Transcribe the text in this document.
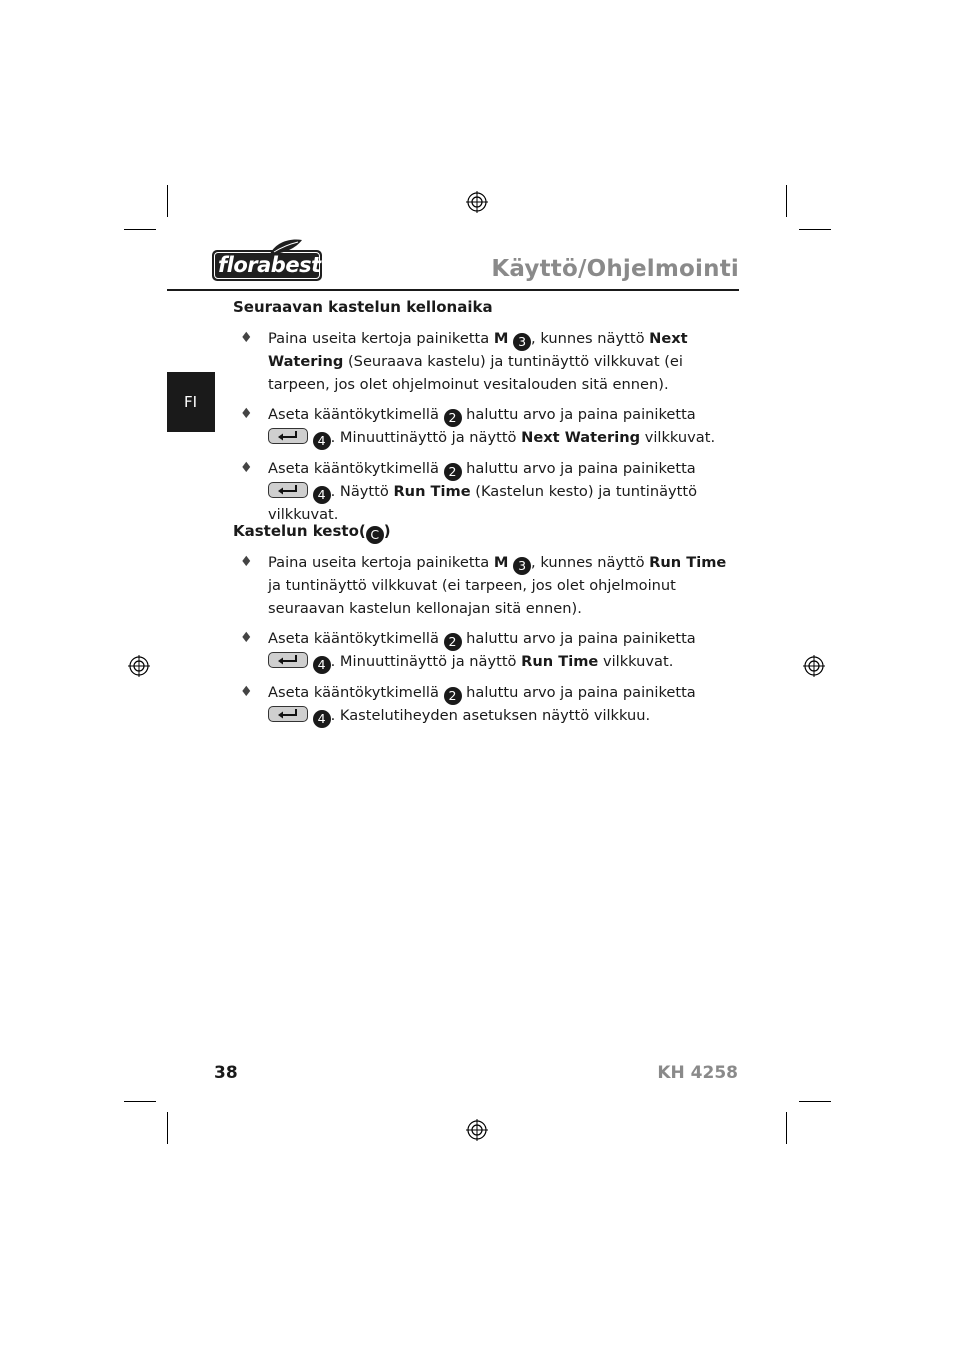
florabest	Käyttö/Ohjelmointi
FI
Seuraavan kastelun kellonaika
♦ Paina useita kertoja painiketta M 3 , kunnes näyttö Next Watering (Seuraava kastelu) ja tuntinäyttö vilkkuvat (ei tarpeen, jos olet ohjelmoinut vesitalouden sitä ennen).
♦ Aseta kääntökytkimellä 2 haluttu arvo ja paina painiketta
4 . Minuuttinäyttö ja näyttö Next Watering vilkkuvat.
♦ Aseta kääntökytkimellä 2 haluttu arvo ja paina painiketta
4 . Näyttö Run Time (Kastelun kesto) ja tuntinäyttö vilkkuvat.
Kastelun kesto( C )
♦ Paina useita kertoja painiketta M 3 , kunnes näyttö Run Time ja tuntinäyttö vilkkuvat (ei tarpeen, jos olet ohjelmoinut seuraavan kastelun kellonajan sitä ennen).
♦ Aseta kääntökytkimellä 2 haluttu arvo ja paina painiketta
4 . Minuuttinäyttö ja näyttö Run Time vilkkuvat.
♦ Aseta kääntökytkimellä 2 haluttu arvo ja paina painiketta
4 . Kastelutiheyden asetuksen näyttö vilkkuu.
38	KH 4258
